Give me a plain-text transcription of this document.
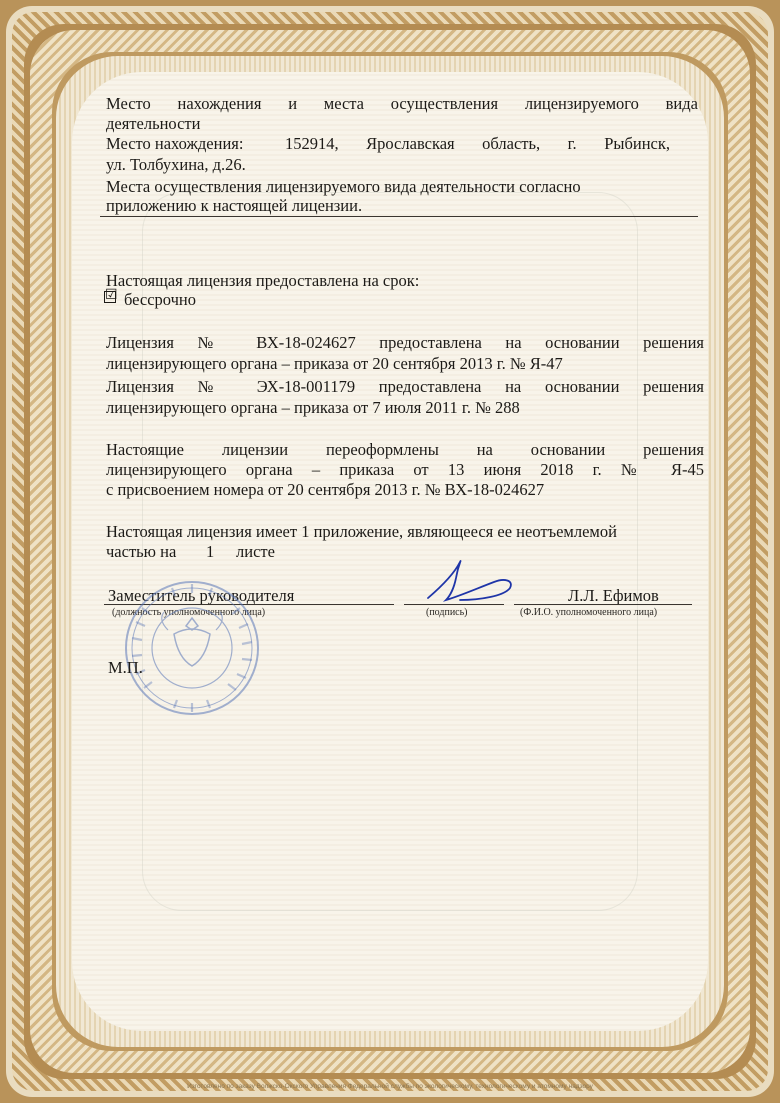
Место нахождения и места осуществления лицензируемого вида
деятельности
Место нахождения:	152914, Ярославская область, г. Рыбинск,
ул. Толбухина, д.26.
Места осуществления лицензируемого вида деятельности согласно
приложению к настоящей лицензии.
Настоящая лицензия предоставлена на срок:
☑ бессрочно
Лицензия № ВХ-18-024627 предоставлена на основании решения
лицензирующего органа – приказа от 20 сентября 2013 г. № Я-47
Лицензия № ЭХ-18-001179 предоставлена на основании решения
лицензирующего органа – приказа от 7 июля 2011 г. № 288
Настоящие лицензии переоформлены на основании решения
лицензирующего органа – приказа от 13 июня 2018 г. № Я-45
с присвоением номера от 20 сентября 2013 г. № ВХ-18-024627
Настоящая лицензия имеет 1 приложение, являющееся ее неотъемлемой
частью на 1 листе
Заместитель руководителя	Л.Л. Ефимов
(должность уполномоченного лица)	(подпись)	(Ф.И.О. уполномоченного лица)
М.П.
Изготовлено по заказу Волжско-Окского Управления Федеральной службы по экологическому, технологическому и атомному надзору
